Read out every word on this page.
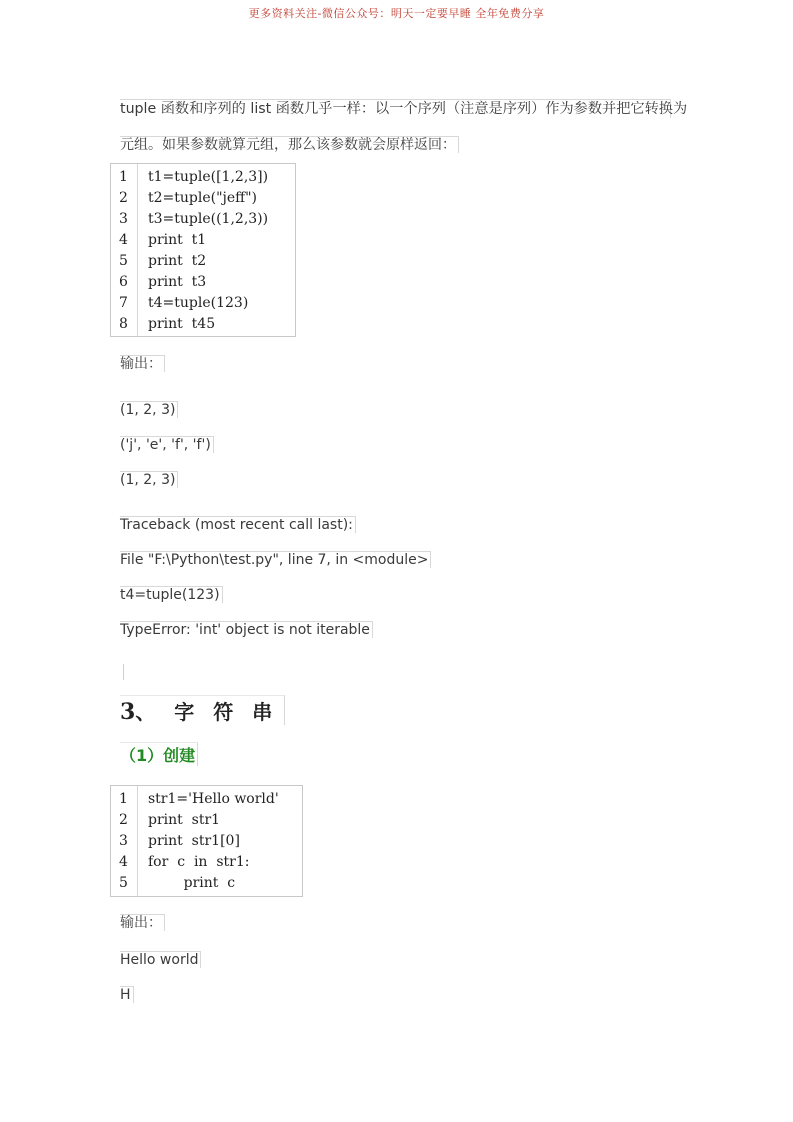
更多资料关注-微信公众号：明天一定要早睡 全年免费分享
tuple 函数和序列的 list 函数几乎一样：以一个序列（注意是序列）作为参数并把它转换为
元组。如果参数就算元组，那么该参数就会原样返回：
1	t1=tuple([1,2,3])
2	t2=tuple("jeff")
3	t3=tuple((1,2,3))
4	print  t1
5	print  t2
6	print  t3
7	t4=tuple(123)
8	print  t45
输出：
(1, 2, 3)
('j', 'e', 'f', 'f')
(1, 2, 3)
Traceback (most recent call last):
File "F:\Python\test.py", line 7, in <module>
t4=tuple(123)
TypeError: 'int' object is not iterable
3、 字 符 串
（1）创建
1	str1='Hello world'
2	print  str1
3	print  str1[0]
4	for  c  in  str1:
5	print  c
输出：
Hello world
H
